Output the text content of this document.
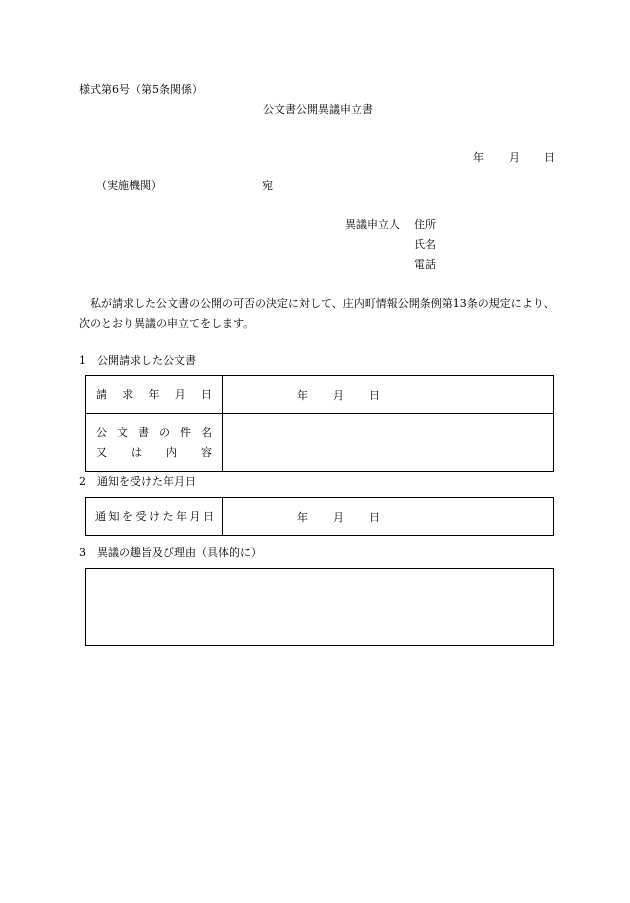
様式第6号（第5条関係）
公文書公開異議申立書
年 月 日
（実施機関）	宛
異議申立人 住所
氏名
電話
私が請求した公文書の公開の可否の決定に対して、庄内町情報公開条例第13条の規定により、次のとおり異議の申立てをします。
1　公開請求した公文書
請求年月日	年 月 日

公文書の件名
又は内容	

2　通知を受けた年月日
通知を受けた年月日	年 月 日
3　異議の趣旨及び理由（具体的に）
